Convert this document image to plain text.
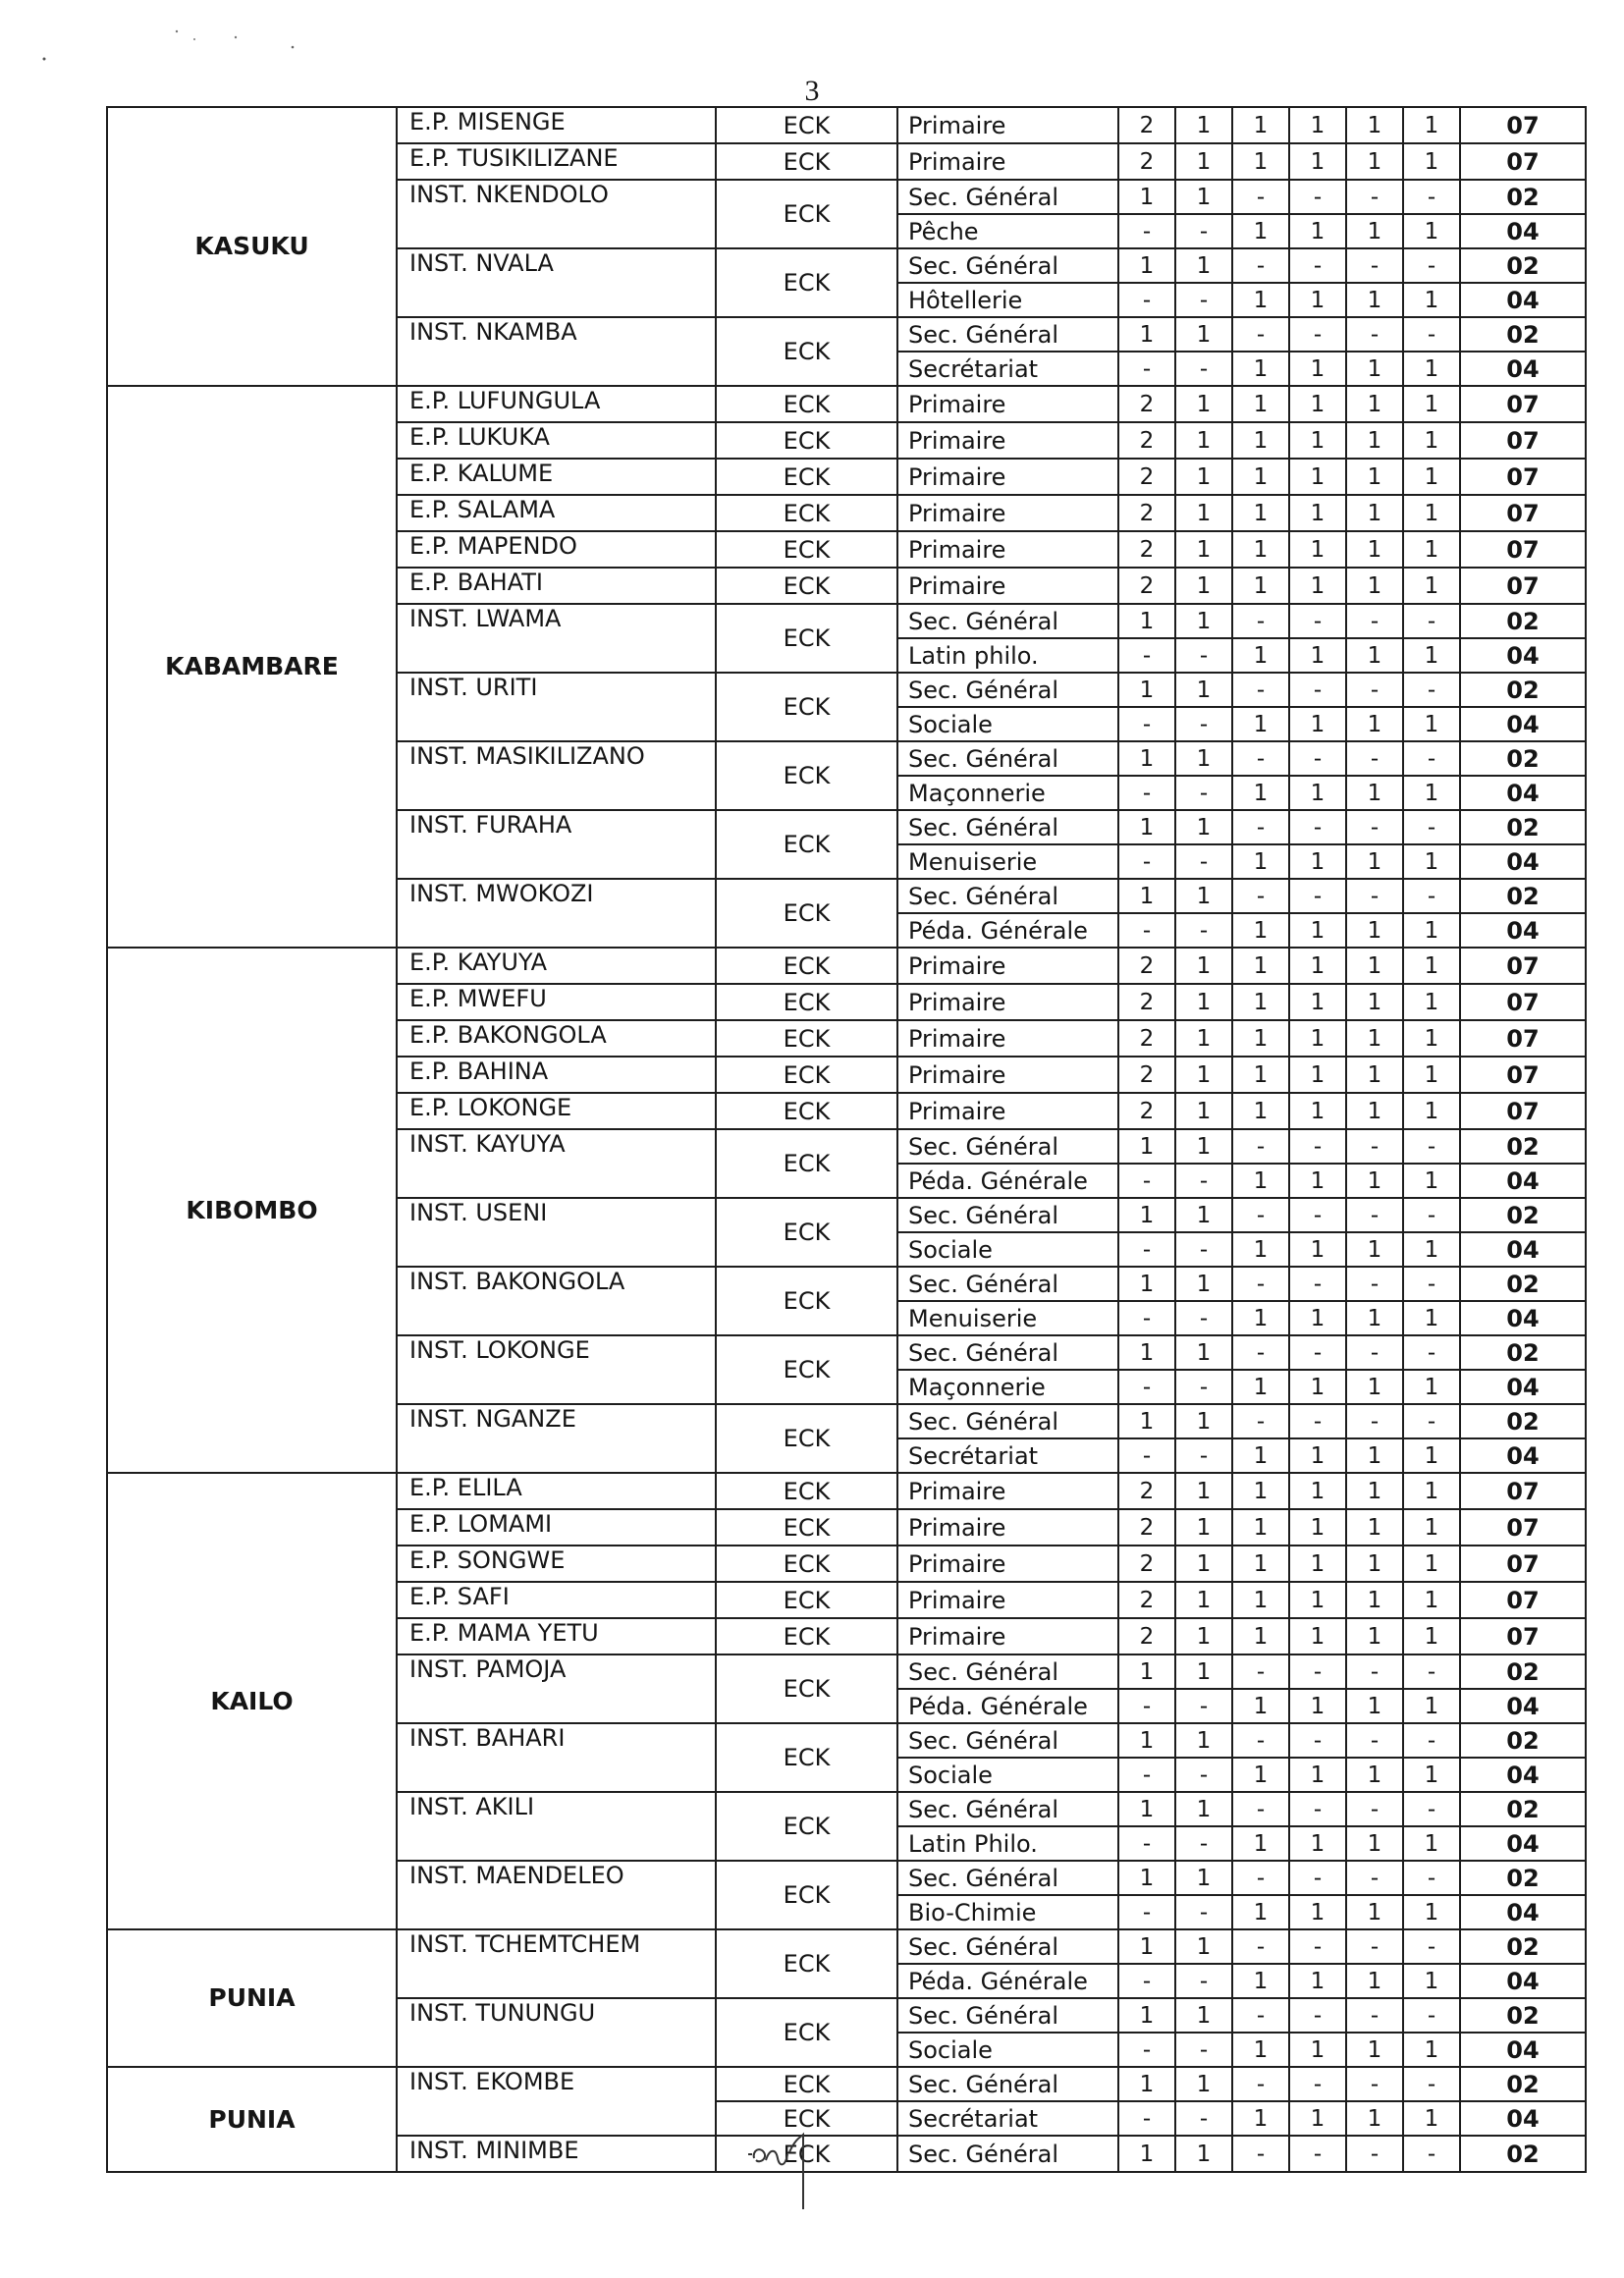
3
KASUKU	E.P. MISENGE	ECK	Primaire	2	1	1	1	1	1	07
	E.P. TUSIKILIZANE	ECK	Primaire	2	1	1	1	1	1	07
	INST. NKENDOLO	ECK	Sec. Général	1	1	-	-	-	-	02
			Pêche	-	-	1	1	1	1	04
	INST. NVALA	ECK	Sec. Général	1	1	-	-	-	-	02
			Hôtellerie	-	-	1	1	1	1	04
	INST. NKAMBA	ECK	Sec. Général	1	1	-	-	-	-	02
			Secrétariat	-	-	1	1	1	1	04
KABAMBARE	E.P. LUFUNGULA	ECK	Primaire	2	1	1	1	1	1	07
	E.P. LUKUKA	ECK	Primaire	2	1	1	1	1	1	07
	E.P. KALUME	ECK	Primaire	2	1	1	1	1	1	07
	E.P. SALAMA	ECK	Primaire	2	1	1	1	1	1	07
	E.P. MAPENDO	ECK	Primaire	2	1	1	1	1	1	07
	E.P. BAHATI	ECK	Primaire	2	1	1	1	1	1	07
	INST. LWAMA	ECK	Sec. Général	1	1	-	-	-	-	02
			Latin philo.	-	-	1	1	1	1	04
	INST. URITI	ECK	Sec. Général	1	1	-	-	-	-	02
			Sociale	-	-	1	1	1	1	04
	INST. MASIKILIZANO	ECK	Sec. Général	1	1	-	-	-	-	02
			Maçonnerie	-	-	1	1	1	1	04
	INST. FURAHA	ECK	Sec. Général	1	1	-	-	-	-	02
			Menuiserie	-	-	1	1	1	1	04
	INST. MWOKOZI	ECK	Sec. Général	1	1	-	-	-	-	02
			Péda. Générale	-	-	1	1	1	1	04
KIBOMBO	E.P. KAYUYA	ECK	Primaire	2	1	1	1	1	1	07
	E.P. MWEFU	ECK	Primaire	2	1	1	1	1	1	07
	E.P. BAKONGOLA	ECK	Primaire	2	1	1	1	1	1	07
	E.P. BAHINA	ECK	Primaire	2	1	1	1	1	1	07
	E.P. LOKONGE	ECK	Primaire	2	1	1	1	1	1	07
	INST. KAYUYA	ECK	Sec. Général	1	1	-	-	-	-	02
			Péda. Générale	-	-	1	1	1	1	04
	INST. USENI	ECK	Sec. Général	1	1	-	-	-	-	02
			Sociale	-	-	1	1	1	1	04
	INST. BAKONGOLA	ECK	Sec. Général	1	1	-	-	-	-	02
			Menuiserie	-	-	1	1	1	1	04
	INST. LOKONGE	ECK	Sec. Général	1	1	-	-	-	-	02
			Maçonnerie	-	-	1	1	1	1	04
	INST. NGANZE	ECK	Sec. Général	1	1	-	-	-	-	02
			Secrétariat	-	-	1	1	1	1	04
KAILO	E.P. ELILA	ECK	Primaire	2	1	1	1	1	1	07
	E.P. LOMAMI	ECK	Primaire	2	1	1	1	1	1	07
	E.P. SONGWE	ECK	Primaire	2	1	1	1	1	1	07
	E.P. SAFI	ECK	Primaire	2	1	1	1	1	1	07
	E.P. MAMA YETU	ECK	Primaire	2	1	1	1	1	1	07
	INST. PAMOJA	ECK	Sec. Général	1	1	-	-	-	-	02
			Péda. Générale	-	-	1	1	1	1	04
	INST. BAHARI	ECK	Sec. Général	1	1	-	-	-	-	02
			Sociale	-	-	1	1	1	1	04
	INST. AKILI	ECK	Sec. Général	1	1	-	-	-	-	02
			Latin Philo.	-	-	1	1	1	1	04
	INST. MAENDELEO	ECK	Sec. Général	1	1	-	-	-	-	02
			Bio-Chimie	-	-	1	1	1	1	04
PUNIA	INST. TCHEMTCHEM	ECK	Sec. Général	1	1	-	-	-	-	02
			Péda. Générale	-	-	1	1	1	1	04
	INST. TUNUNGU	ECK	Sec. Général	1	1	-	-	-	-	02
			Sociale	-	-	1	1	1	1	04
PUNIA	INST. EKOMBE	ECK	Sec. Général	1	1	-	-	-	-	02
		ECK	Secrétariat	-	-	1	1	1	1	04
	INST. MINIMBE	ECK	Sec. Général	1	1	-	-	-	-	02
